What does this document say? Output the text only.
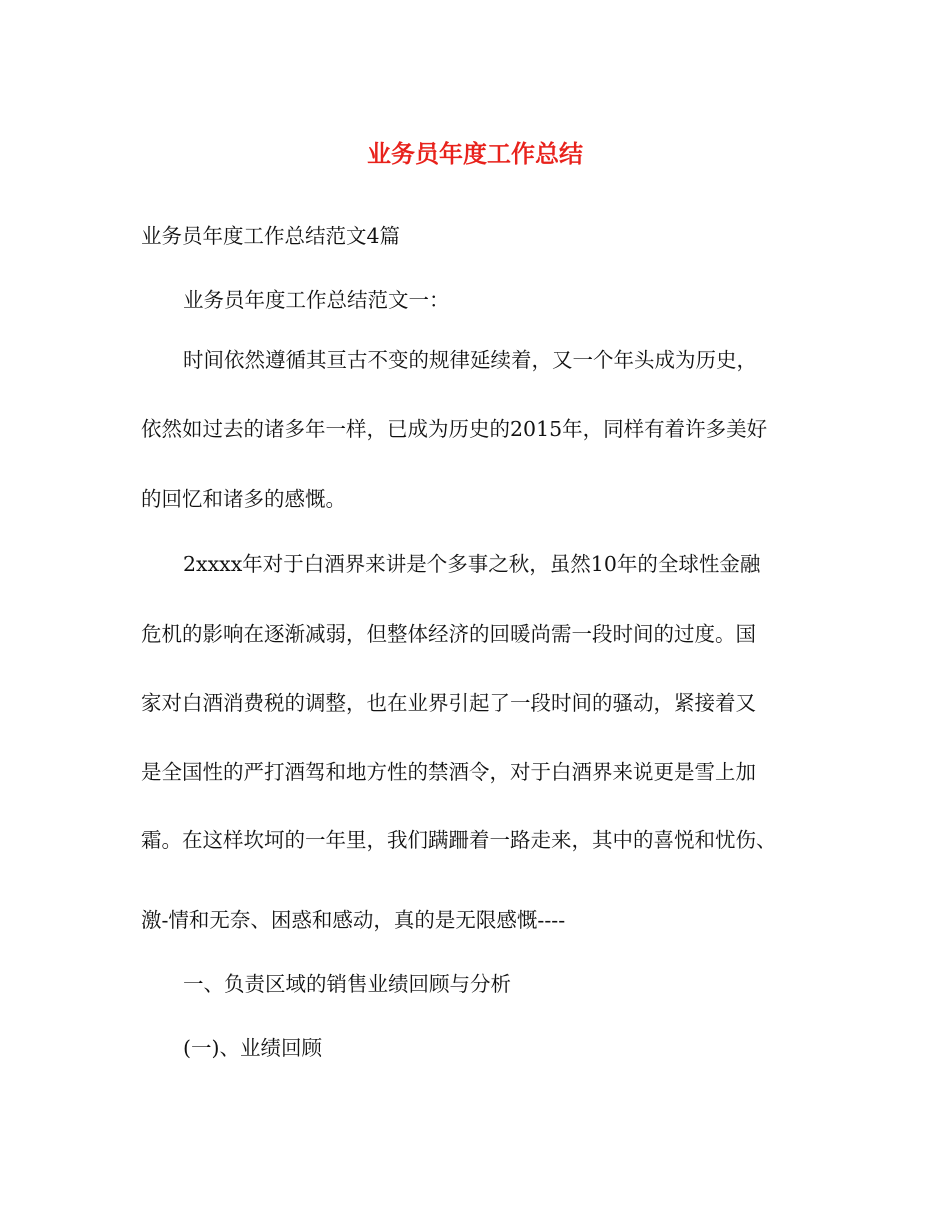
业务员年度工作总结
业务员年度工作总结范文4篇
业务员年度工作总结范文一：
时间依然遵循其亘古不变的规律延续着，又一个年头成为历史，
依然如过去的诸多年一样，已成为历史的2015年，同样有着许多美好
的回忆和诸多的感慨。
2xxxx年对于白酒界来讲是个多事之秋，虽然10年的全球性金融
危机的影响在逐渐减弱，但整体经济的回暖尚需一段时间的过度。国
家对白酒消费税的调整，也在业界引起了一段时间的骚动，紧接着又
是全国性的严打酒驾和地方性的禁酒令，对于白酒界来说更是雪上加
霜。在这样坎坷的一年里，我们蹒跚着一路走来，其中的喜悦和忧伤、
激-情和无奈、困惑和感动，真的是无限感慨----
一、负责区域的销售业绩回顾与分析
(一)、业绩回顾
